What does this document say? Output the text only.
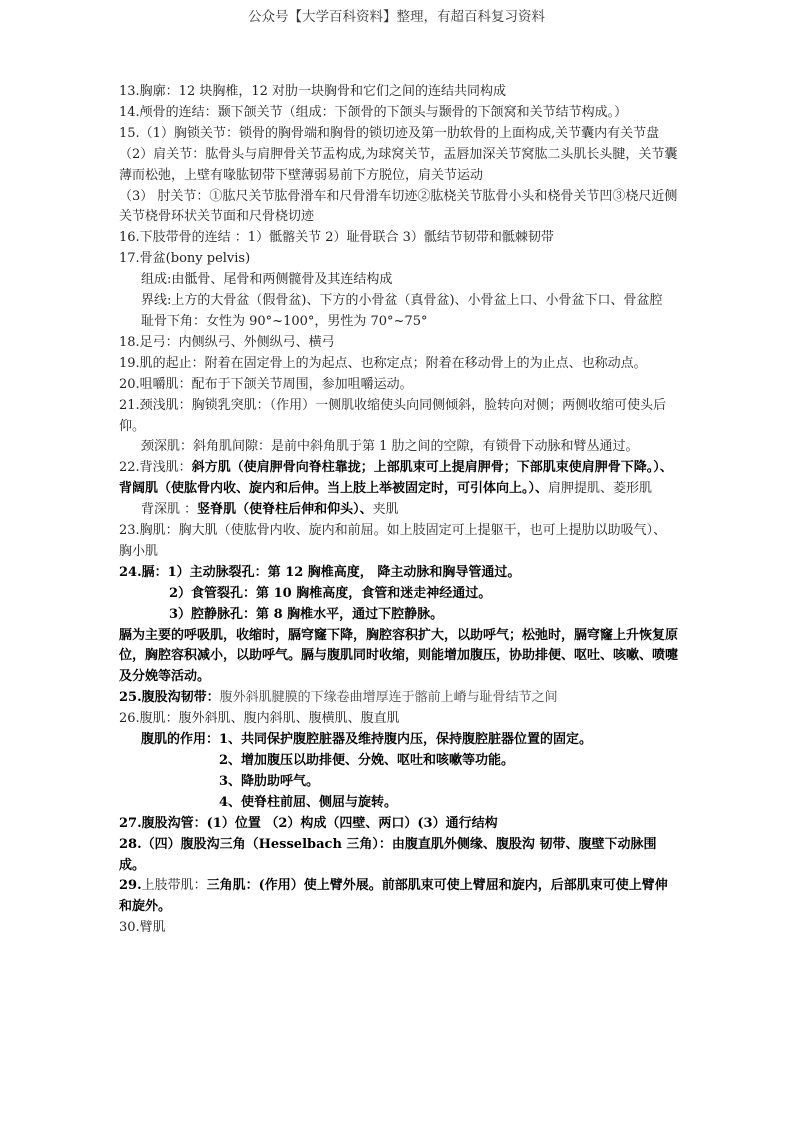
公众号【大学百科资料】整理，有超百科复习资料
13.胸廓：12 块胸椎，12 对肋一块胸骨和它们之间的连结共同构成
14.颅骨的连结：颞下颌关节（组成：下颌骨的下颌头与颞骨的下颌窝和关节结节构成。）
15.（1）胸锁关节：锁骨的胸骨端和胸骨的锁切迹及第一肋软骨的上面构成,关节囊内有关节盘
（2）肩关节：肱骨头与肩胛骨关节盂构成,为球窝关节，盂唇加深关节窝肱二头肌长头腱，关节囊薄而松弛，上壁有喙肱韧带下壁薄弱易前下方脱位，肩关节运动
（3） 肘关节：①肱尺关节肱骨滑车和尺骨滑车切迹②肱桡关节肱骨小头和桡骨关节凹③桡尺近侧关节桡骨环状关节面和尺骨桡切迹
16.下肢带骨的连结 ：1）骶髂关节 2）耻骨联合 3）骶结节韧带和骶棘韧带
17.骨盆(bony pelvis)
组成:由骶骨、尾骨和两侧髋骨及其连结构成
界线:上方的大骨盆（假骨盆)、下方的小骨盆（真骨盆)、小骨盆上口、小骨盆下口、骨盆腔
耻骨下角：女性为 90°~100°，男性为 70°~75°
18.足弓：内侧纵弓、外侧纵弓、横弓
19.肌的起止：附着在固定骨上的为起点、也称定点；附着在移动骨上的为止点、也称动点。
20.咀嚼肌：配布于下颌关节周围，参加咀嚼运动。
21.颈浅肌：胸锁乳突肌：（作用）一侧肌收缩使头向同侧倾斜，脸转向对侧；两侧收缩可使头后仰。
颈深肌：斜角肌间隙：是前中斜角肌于第 1 肋之间的空隙，有锁骨下动脉和臂丛通过。
22.背浅肌：斜方肌（使肩胛骨向脊柱靠拢；上部肌束可上提肩胛骨；下部肌束使肩胛骨下降。）、背阔肌（使肱骨内收、旋内和后伸。当上肢上举被固定时，可引体向上。）、肩胛提肌、菱形肌
背深肌 ：竖脊肌（使脊柱后伸和仰头）、夹肌
23.胸肌：胸大肌（使肱骨内收、旋内和前屈。如上肢固定可上提躯干，也可上提肋以助吸气）、胸小肌
24.膈：1）主动脉裂孔：第 12 胸椎高度， 降主动脉和胸导管通过。
2）食管裂孔：第 10 胸椎高度，食管和迷走神经通过。
3）腔静脉孔：第 8 胸椎水平，通过下腔静脉。
膈为主要的呼吸肌，收缩时，膈穹窿下降，胸腔容积扩大，以助呼气；松弛时，膈穹窿上升恢复原位，胸腔容积减小，以助呼气。膈与腹肌同时收缩，则能增加腹压，协助排便、呕吐、咳嗽、喷嚏及分娩等活动。
25.腹股沟韧带：腹外斜肌腱膜的下缘卷曲增厚连于髂前上嵴与耻骨结节之间
26.腹肌：腹外斜肌、腹内斜肌、腹横肌、腹直肌
腹肌的作用：1、共同保护腹腔脏器及维持腹内压，保持腹腔脏器位置的固定。
2、增加腹压以助排便、分娩、呕吐和咳嗽等功能。
3、降肋助呼气。
4、使脊柱前屈、侧屈与旋转。
27.腹股沟管：(1）位置 （2）构成（四壁、两口）(3）通行结构
28.（四）腹股沟三角（Hesselbach 三角）：由腹直肌外侧缘、腹股沟 韧带、腹壁下动脉围成。
29.上肢带肌：三角肌：(作用）使上臂外展。前部肌束可使上臂屈和旋内，后部肌束可使上臂伸和旋外。
30.臂肌
